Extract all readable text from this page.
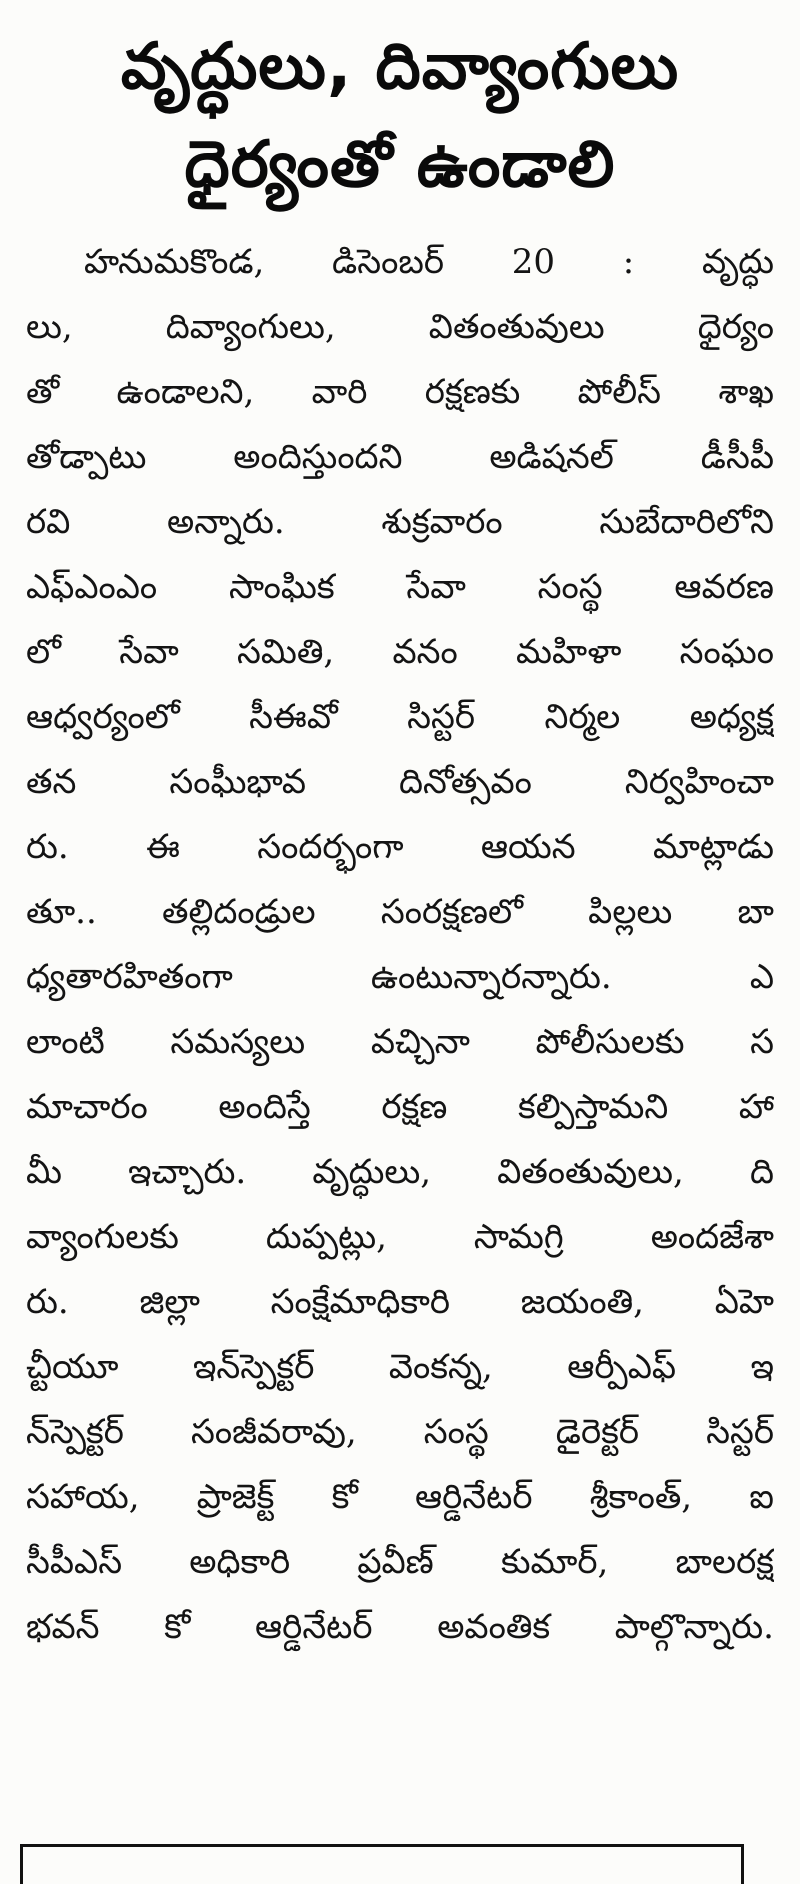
వృద్ధులు, దివ్యాంగులు
ధైర్యంతో ఉండాలి
హనుమకొండ, డిసెంబర్ 20 : వృద్ధు
లు, దివ్యాంగులు, వితంతువులు ధైర్యం
తో ఉండాలని, వారి రక్షణకు పోలీస్ శాఖ
తోడ్పాటు అందిస్తుందని అడిషనల్ డీసీపీ
రవి అన్నారు. శుక్రవారం సుబేదారిలోని
ఎఫ్ఎంఎం సాంఘిక సేవా సంస్థ ఆవరణ
లో సేవా సమితి, వనం మహిళా సంఘం
ఆధ్వర్యంలో సీఈవో సిస్టర్ నిర్మల అధ్యక్ష
తన సంఘీభావ దినోత్సవం నిర్వహించా
రు. ఈ సందర్భంగా ఆయన మాట్లాడు
తూ.. తల్లిదండ్రుల సంరక్షణలో పిల్లలు బా
ధ్యతారహితంగా ఉంటున్నారన్నారు. ఎ
లాంటి సమస్యలు వచ్చినా పోలీసులకు స
మాచారం అందిస్తే రక్షణ కల్పిస్తామని హా
మీ ఇచ్చారు. వృద్ధులు, వితంతువులు, ది
వ్యాంగులకు దుప్పట్లు, సామగ్రి అందజేశా
రు. జిల్లా సంక్షేమాధికారి జయంతి, ఏహె
చ్టీయూ ఇన్‌స్పెక్టర్ వెంకన్న, ఆర్పీఎఫ్ ఇ
న్‌స్పెక్టర్ సంజీవరావు, సంస్థ డైరెక్టర్ సిస్టర్
సహాయ, ప్రాజెక్ట్ కో ఆర్డినేటర్ శ్రీకాంత్, ఐ
సీపీఎస్ అధికారి ప్రవీణ్ కుమార్, బాలరక్ష
భవన్ కో ఆర్డినేటర్ అవంతిక పాల్గొన్నారు.
